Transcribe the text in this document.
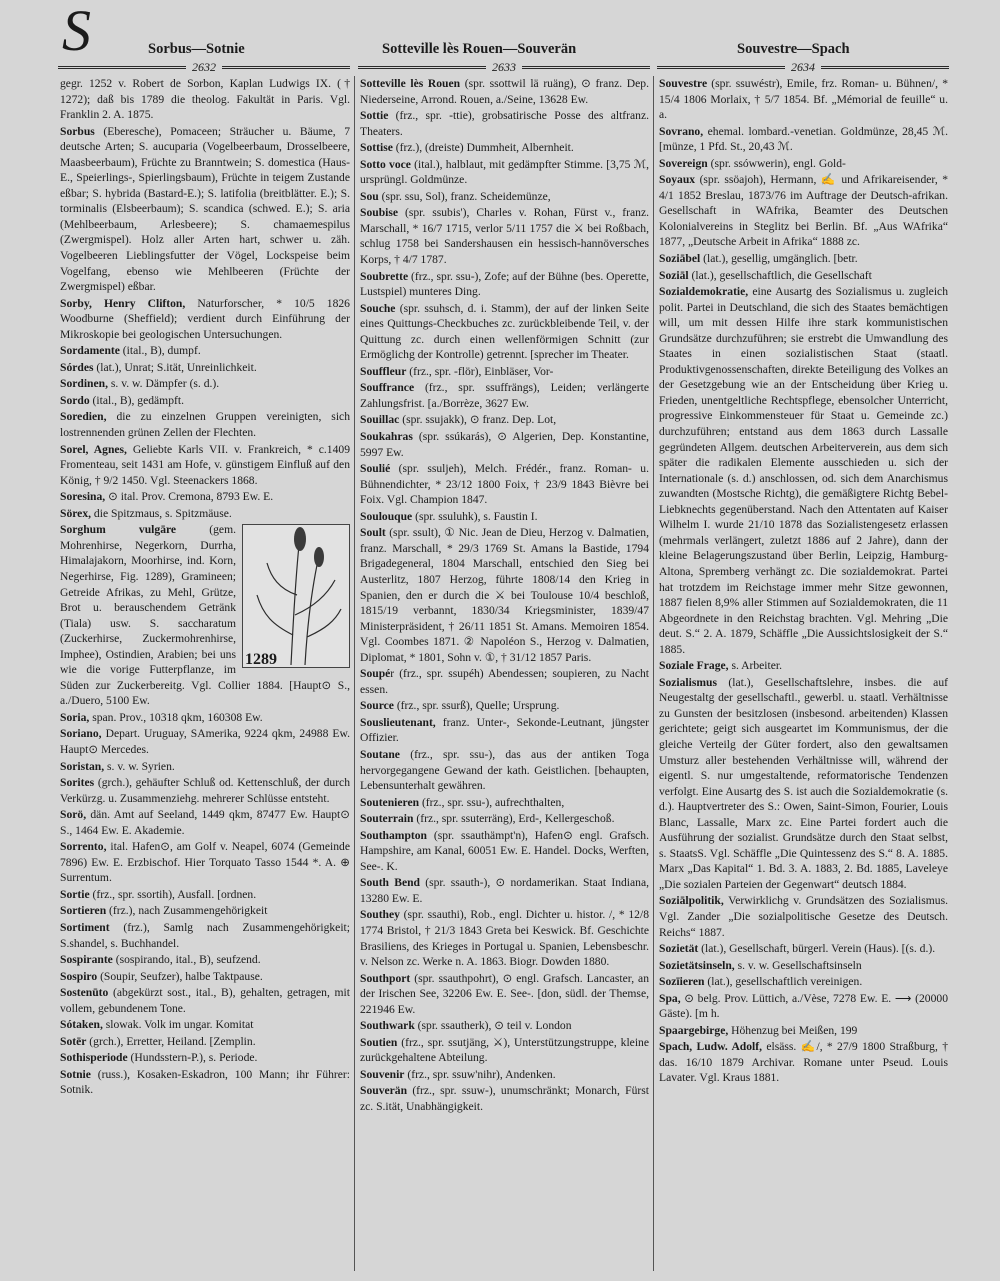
S	Sorbus—Sotnie	Sotteville lès Rouen—Souverän	Souvestre—Spach
2632	2633	2634

gegr. 1252 v. Robert de Sorbon, Kaplan Ludwigs IX. († 1272); daß bis 1789 die theolog. Fakultät in Paris. Vgl. Franklin 2. A. 1875.

Sorbus (Eberesche), Pomaceen; Sträucher u. Bäume, 7 deutsche Arten; S. aucuparia (Vogelbeerbaum, Drosselbeere, Maasbeerbaum), Früchte zu Branntwein; S. domestica (Haus-E., Speierlings-, Spierlingsbaum), Früchte in teigem Zustande eßbar; S. hybrida (Bastard-E.); S. latifolia (breitblätter. E.); S. torminalis (Elsbeerbaum); S. scandica (schwed. E.); S. aria (Mehlbeerbaum, Arlesbeere); S. chamaemespilus (Zwergmispel). Holz aller Arten hart, schwer u. zäh. Vogelbeeren Lieblingsfutter der Vögel, Lockspeise beim Vogelfang, ebenso wie Mehlbeeren (Früchte der Zwergmispel) eßbar.

Sorby, Henry Clifton, Naturforscher, * 10/5 1826 Woodburne (Sheffield); verdient durch Einführung der Mikroskopie bei geologischen Untersuchungen.

Sordamente (ital., B), dumpf.

Sórdes (lat.), Unrat; S.ität, Unreinlichkeit.

Sordinen, s. v. w. Dämpfer (s. d.).

Sordo (ital., B), gedämpft.

Soredien, die zu einzelnen Gruppen vereinigten, sich lostrennenden grünen Zellen der Flechten.

Sorel, Agnes, Geliebte Karls VII. v. Frankreich, * c.1409 Fromenteau, seit 1431 am Hofe, v. günstigem Einfluß auf den König, † 9/2 1450. Vgl. Steenackers 1868.

Soresina, ⊙ ital. Prov. Cremona, 8793 Ew. E.

Sörex, die Spitzmaus, s. Spitzmäuse.

1289
Sorghum vulgāre (gem. Mohrenhirse, Negerkorn, Durrha, Himalajakorn, Moorhirse, ind. Korn, Negerhirse, Fig. 1289), Gramineen; Getreide Afrikas, zu Mehl, Grütze, Brot u. berauschendem Getränk (Tiala) usw. S. saccharatum (Zuckerhirse, Zuckermohrenhirse, Imphee), Ostindien, Arabien; bei uns wie die vorige Futterpflanze, im Süden zur Zuckerbereitg. Vgl. Collier 1884. [Haupt⊙ S., a./Duero, 5100 Ew.

Soria, span. Prov., 10318 qkm, 160308 Ew.

Soriano, Depart. Uruguay, SAmerika, 9224 qkm, 24988 Ew. Haupt⊙ Mercedes.

Soristan, s. v. w. Syrien.

Sorites (grch.), gehäufter Schluß od. Kettenschluß, der durch Verkürzg. u. Zusammenziehg. mehrerer Schlüsse entsteht.

Sorö, dän. Amt auf Seeland, 1449 qkm, 87477 Ew. Haupt⊙ S., 1464 Ew. E. Akademie.

Sorrento, ital. Hafen⊙, am Golf v. Neapel, 6074 (Gemeinde 7896) Ew. E. Erzbischof. Hier Torquato Tasso 1544 *. A. ⊕ Surrentum.

Sortie (frz., spr. ssortih), Ausfall. [ordnen.

Sortieren (frz.), nach Zusammengehörigkeit

Sortiment (frz.), Samlg nach Zusammengehörigkeit; S.shandel, s. Buchhandel.

Sospirante (sospirando, ital., B), seufzend.

Sospiro (Soupir, Seufzer), halbe Taktpause.

Sostenūto (abgekürzt sost., ital., B), gehalten, getragen, mit vollem, gebundenem Tone.

Sótaken, slowak. Volk im ungar. Komitat

Sotēr (grch.), Erretter, Heiland. [Zemplin.

Sothisperiode (Hundsstern-P.), s. Periode.

Sotnie (russ.), Kosaken-Eskadron, 100 Mann; ihr Führer: Sotnik.

Sotteville lès Rouen (spr. ssottwil lä ruäng), ⊙ franz. Dep. Niederseine, Arrond. Rouen, a./Seine, 13628 Ew.

Sottie (frz., spr. -ttie), grobsatirische Posse des altfranz. Theaters.

Sottise (frz.), (dreiste) Dummheit, Albernheit.

Sotto voce (ital.), halblaut, mit gedämpfter Stimme. [3,75 ℳ, ursprüngl. Goldmünze.

Sou (spr. ssu, Sol), franz. Scheidemünze,

Soubise (spr. ssubis'), Charles v. Rohan, Fürst v., franz. Marschall, * 16/7 1715, verlor 5/11 1757 die ⚔ bei Roßbach, schlug 1758 bei Sandershausen ein hessisch-hannöversches Korps, † 4/7 1787.

Soubrette (frz., spr. ssu-), Zofe; auf der Bühne (bes. Operette, Lustspiel) munteres Ding.

Souche (spr. ssuhsch, d. i. Stamm), der auf der linken Seite eines Quittungs-Checkbuches zc. zurückbleibende Teil, v. der Quittung zc. durch einen wellenförmigen Schnitt (zur Ermöglichg der Kontrolle) getrennt. [sprecher im Theater.

Souffleur (frz., spr. -flör), Einbläser, Vor-

Souffrance (frz., spr. ssuffrängs), Leiden; verlängerte Zahlungsfrist. [a./Borrèze, 3627 Ew.

Souillac (spr. ssujakk), ⊙ franz. Dep. Lot,

Soukahras (spr. ssúkarás), ⊙ Algerien, Dep. Konstantine, 5997 Ew.

Soulié (spr. ssuljeh), Melch. Frédér., franz. Roman- u. Bühnendichter, * 23/12 1800 Foix, † 23/9 1843 Bièvre bei Foix. Vgl. Champion 1847.

Soulouque (spr. ssuluhk), s. Faustin I.

Soult (spr. ssult), ① Nic. Jean de Dieu, Herzog v. Dalmatien, franz. Marschall, * 29/3 1769 St. Amans la Bastide, 1794 Brigadegeneral, 1804 Marschall, entschied den Sieg bei Austerlitz, 1807 Herzog, führte 1808/14 den Krieg in Spanien, den er durch die ⚔ bei Toulouse 10/4 beschloß, 1815/19 verbannt, 1830/34 Kriegsminister, 1839/47 Ministerpräsident, † 26/11 1851 St. Amans. Memoiren 1854. Vgl. Coombes 1871. ② Napoléon S., Herzog v. Dalmatien, Diplomat, * 1801, Sohn v. ①, † 31/12 1857 Paris.

Soupér (frz., spr. ssupéh) Abendessen; soupieren, zu Nacht essen.

Source (frz., spr. ssurß), Quelle; Ursprung.

Souslieutenant, franz. Unter-, Sekonde-Leutnant, jüngster Offizier.

Soutane (frz., spr. ssu-), das aus der antiken Toga hervorgegangene Gewand der kath. Geistlichen. [behaupten, Lebensunterhalt gewähren.

Soutenieren (frz., spr. ssu-), aufrechthalten,

Souterrain (frz., spr. ssuterräng), Erd-, Kellergeschoß.

Southampton (spr. ssauthämpt'n), Hafen⊙ engl. Grafsch. Hampshire, am Kanal, 60051 Ew. E. Handel. Docks, Werften, See-. K.

South Bend (spr. ssauth-), ⊙ nordamerikan. Staat Indiana, 13280 Ew. E.

Southey (spr. ssauthi), Rob., engl. Dichter u. histor. /, * 12/8 1774 Bristol, † 21/3 1843 Greta bei Keswick. Bf. Geschichte Brasiliens, des Krieges in Portugal u. Spanien, Lebensbeschr. v. Nelson zc. Werke n. A. 1863. Biogr. Dowden 1880.

Southport (spr. ssauthpohrt), ⊙ engl. Grafsch. Lancaster, an der Irischen See, 32206 Ew. E. See-. [don, südl. der Themse, 221946 Ew.

Southwark (spr. ssautherk), ⊙ teil v. London

Soutien (frz., spr. ssutjäng, ⚔), Unterstützungstruppe, kleine zurückgehaltene Abteilung.

Souvenir (frz., spr. ssuw'nihr), Andenken.

Souverän (frz., spr. ssuw-), unumschränkt; Monarch, Fürst zc. S.ität, Unabhängigkeit.

Souvestre (spr. ssuwéstr), Emile, frz. Roman- u. Bühnen/, * 15/4 1806 Morlaix, † 5/7 1854. Bf. „Mémorial de feuille“ u. a.

Sovrano, ehemal. lombard.-venetian. Goldmünze, 28,45 ℳ. [münze, 1 Pfd. St., 20,43 ℳ.

Sovereign (spr. ssówwerin), engl. Gold-

Soyaux (spr. ssöajoh), Hermann, ✍ und Afrikareisender, * 4/1 1852 Breslau, 1873/76 im Auftrage der Deutsch-afrikan. Gesellschaft in WAfrika, Beamter des Deutschen Kolonialvereins in Steglitz bei Berlin. Bf. „Aus WAfrika“ 1877, „Deutsche Arbeit in Afrika“ 1888 zc.

Soziābel (lat.), gesellig, umgänglich. [betr.

Soziāl (lat.), gesellschaftlich, die Gesellschaft

Sozialdemokratie, eine Ausartg des Sozialismus u. zugleich polit. Partei in Deutschland, die sich des Staates bemächtigen will, um mit dessen Hilfe ihre stark kommunistischen Grundsätze durchzuführen; sie erstrebt die Umwandlung des Staates in einen sozialistischen Staat (staatl. Produktivgenossenschaften, direkte Beteiligung des Volkes an der Gesetzgebung wie an der Entscheidung über Krieg u. Frieden, unentgeltliche Rechtspflege, ebensolcher Unterricht, progressive Einkommensteuer für Staat u. Gemeinde zc.) durchzuführen; entstand aus dem 1863 durch Lassalle gegründeten Allgem. deutschen Arbeiterverein, aus dem sich später die radikalen Elemente ausschieden u. sich der Internationale (s. d.) anschlossen, od. sich dem Anarchismus zuwandten (Mostsche Richtg), die gemäßigtere Richtg Bebel-Liebknechts gegenüberstand. Nach den Attentaten auf Kaiser Wilhelm I. wurde 21/10 1878 das Sozialistengesetz erlassen (mehrmals verlängert, zuletzt 1886 auf 2 Jahre), dann der kleine Belagerungszustand über Berlin, Leipzig, Hamburg-Altona, Spremberg verhängt zc. Die sozialdemokrat. Partei hat trotzdem im Reichstage immer mehr Sitze gewonnen, 1887 fielen 8,9% aller Stimmen auf Sozialdemokraten, die 11 Abgeordnete in den Reichstag brachten. Vgl. Mehring „Die deut. S.“ 2. A. 1879, Schäffle „Die Aussichtslosigkeit der S.“ 1885.

Soziale Frage, s. Arbeiter.

Sozialismus (lat.), Gesellschaftslehre, insbes. die auf Neugestaltg der gesellschaftl., gewerbl. u. staatl. Verhältnisse zu Gunsten der besitzlosen (insbesond. arbeitenden) Klassen gerichtete; geigt sich ausgeartet im Kommunismus, der die gleiche Verteilg der Güter fordert, also den gewaltsamen Umsturz aller bestehenden Verhältnisse will, während der eigentl. S. nur umgestaltende, reformatorische Tendenzen verfolgt. Eine Ausartg des S. ist auch die Sozialdemokratie (s. d.). Hauptvertreter des S.: Owen, Saint-Simon, Fourier, Louis Blanc, Lassalle, Marx zc. Eine Partei fordert auch die Ausführung der sozialist. Grundsätze durch den Staat selbst, s. StaatsS. Vgl. Schäffle „Die Quintessenz des S.“ 8. A. 1885. Marx „Das Kapital“ 1. Bd. 3. A. 1883, 2. Bd. 1885, Laveleye „Die sozialen Parteien der Gegenwart“ deutsch 1884.

Soziālpolitik, Verwirklichg v. Grundsätzen des Sozialismus. Vgl. Zander „Die sozialpolitische Gesetze des Deutsch. Reichs“ 1887.

Sozietät (lat.), Gesellschaft, bürgerl. Verein (Haus). [(s. d.).

Sozietätsinseln, s. v. w. Gesellschaftsinseln

Sozīieren (lat.), gesellschaftlich vereinigen.

Spa, ⊙ belg. Prov. Lüttich, a./Vèse, 7278 Ew. E. ⟶ (20000 Gäste). [m h.

Spaargebirge, Höhenzug bei Meißen, 199

Spach, Ludw. Adolf, elsäss. ✍/, * 27/9 1800 Straßburg, † das. 16/10 1879 Archivar. Romane unter Pseud. Louis Lavater. Vgl. Kraus 1881.
